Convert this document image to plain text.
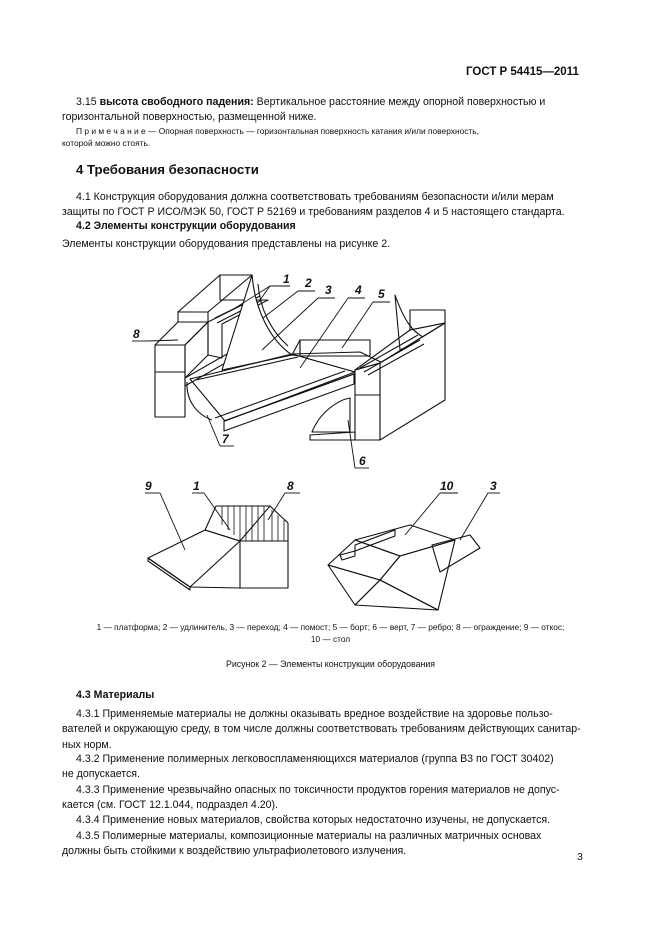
ГОСТ Р 54415—2011
3.15 высота свободного падения: Вертикальное расстояние между опорной поверхностью и
горизонтальной поверхностью, размещенной ниже.
П р и м е ч а н и е — Опорная поверхность — горизонтальная поверхность катания и/или поверхность,
которой можно стоять.
4 Требования безопасности
4.1 Конструкция оборудования должна соответствовать требованиям безопасности и/или мерам
защиты по ГОСТ Р ИСО/МЭК 50, ГОСТ Р 52169 и требованиям разделов 4 и 5 настоящего стандарта.
4.2 Элементы конструкции оборудования
Элементы конструкции оборудования представлены на рисунке 2.
1 2 3 4 5
8
7
6
9	1	8	10	3
1 — платформа; 2 — удлинитель, 3 — переход; 4 — помост; 5 — борт; 6 — верт, 7 — ребро; 8 — ограждение; 9 — откос;
10 — стол
Рисунок 2 — Элементы конструкции оборудования
4.3 Материалы
4.3.1 Применяемые материалы не должны оказывать вредное воздействие на здоровье пользо-
вателей и окружающую среду, в том числе должны соответствовать требованиям действующих санитар-
ных норм.
4.3.2 Применение полимерных легковоспламеняющихся материалов (группа В3 по ГОСТ 30402)
не допускается.
4.3.3 Применение чрезвычайно опасных по токсичности продуктов горения материалов не допус-
кается (см. ГОСТ 12.1.044, подраздел 4.20).
4.3.4 Применение новых материалов, свойства которых недостаточно изучены, не допускается.
4.3.5 Полимерные материалы, композиционные материалы на различных матричных основах
должны быть стойкими к воздействию ультрафиолетового излучения.	3
